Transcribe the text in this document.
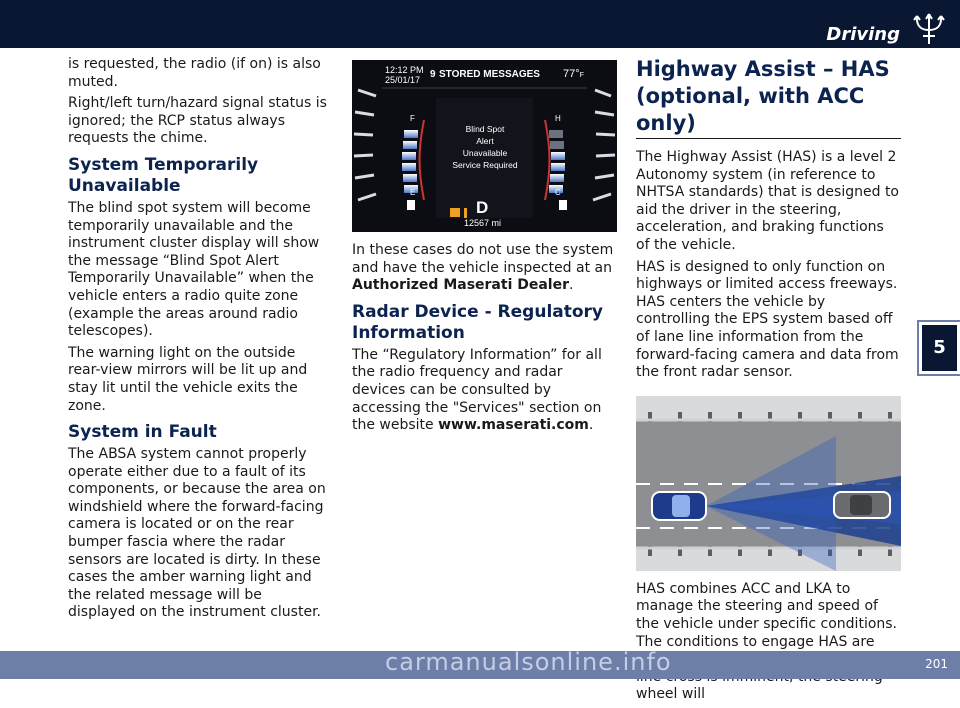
Driving
5

is requested, the radio (if on) is also muted.

Right/left turn/hazard signal status is ignored; the RCP status always requests the chime.

System Temporarily Unavailable

The blind spot system will become temporarily unavailable and the instrument cluster display will show the message “Blind Spot Alert Temporarily Unavailable” when the vehicle enters a radio quite zone (example the areas around radio telescopes).

The warning light on the outside rear-view mirrors will be lit up and stay lit until the vehicle exits the zone.

System in Fault

The ABSA system cannot properly operate either due to a fault of its components, or because the area on windshield where the forward-facing camera is located or on the rear bumper fascia where the radar sensors are located is dirty. In these cases the amber warning light and the related message will be displayed on the instrument cluster.

12:12 PM
25/01/17 9 STORED MESSAGES 77°F
Blind Spot
Alert
Unavailable
Service Required
F
E
H
C
D
12567 mi

In these cases do not use the system and have the vehicle inspected at an Authorized Maserati Dealer.

Radar Device - Regulatory Information

The “Regulatory Information” for all the radio frequency and radar devices can be consulted by accessing the "Services" section on the website www.maserati.com.

Highway Assist – HAS (optional, with ACC only)

The Highway Assist (HAS) is a level 2 Autonomy system (in reference to NHTSA standards) that is designed to aid the driver in the steering, acceleration, and braking functions of the vehicle.

HAS is designed to only function on highways or limited access freeways. HAS centers the vehicle by controlling the EPS system based off of lane line information from the forward-facing camera and data from the front radar sensor.

HAS combines ACC and LKA to manage the steering and speed of the vehicle under specific conditions. The conditions to engage HAS are wheel will

carmanualsonline.info	201
